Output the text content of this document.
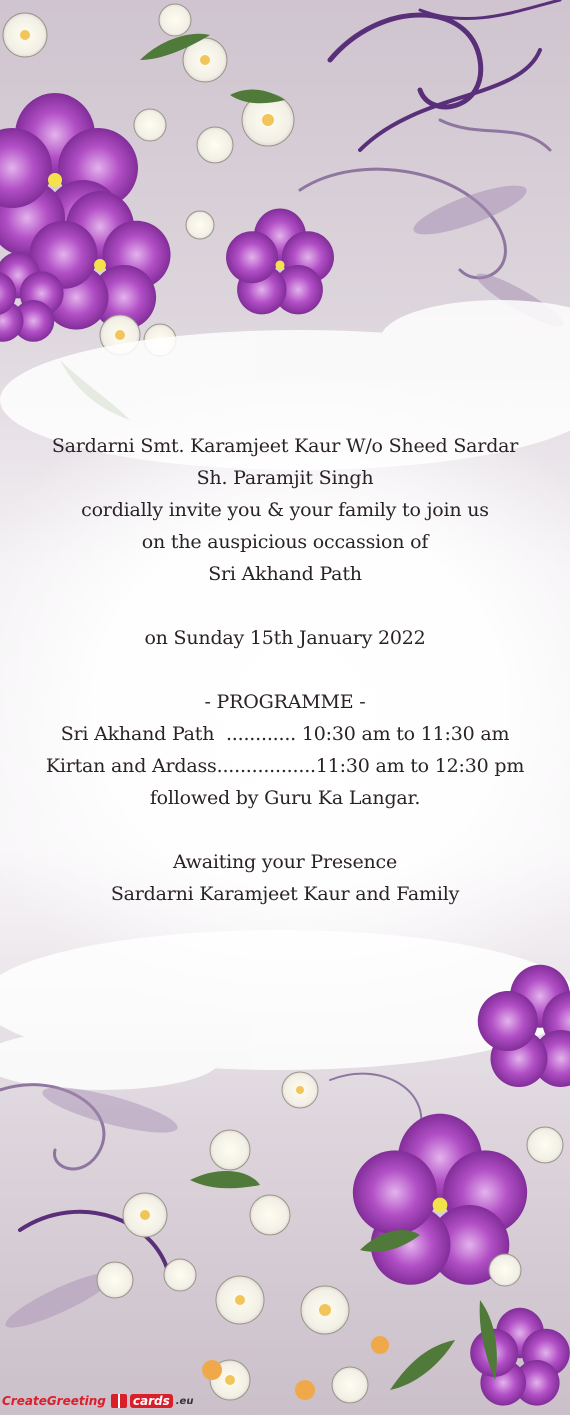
Sardarni Smt. Karamjeet Kaur W/o Sheed Sardar
Sh. Paramjit Singh
cordially invite you & your family to join us
on the auspicious occassion of
Sri Akhand Path
on Sunday 15th January 2022
- PROGRAMME -
Sri Akhand Path  ............ 10:30 am to 11:30 am
Kirtan and Ardass.................11:30 am to 12:30 pm
followed by Guru Ka Langar.
Awaiting your Presence
Sardarni Karamjeet Kaur and Family
CreateGreeting cards .eu
